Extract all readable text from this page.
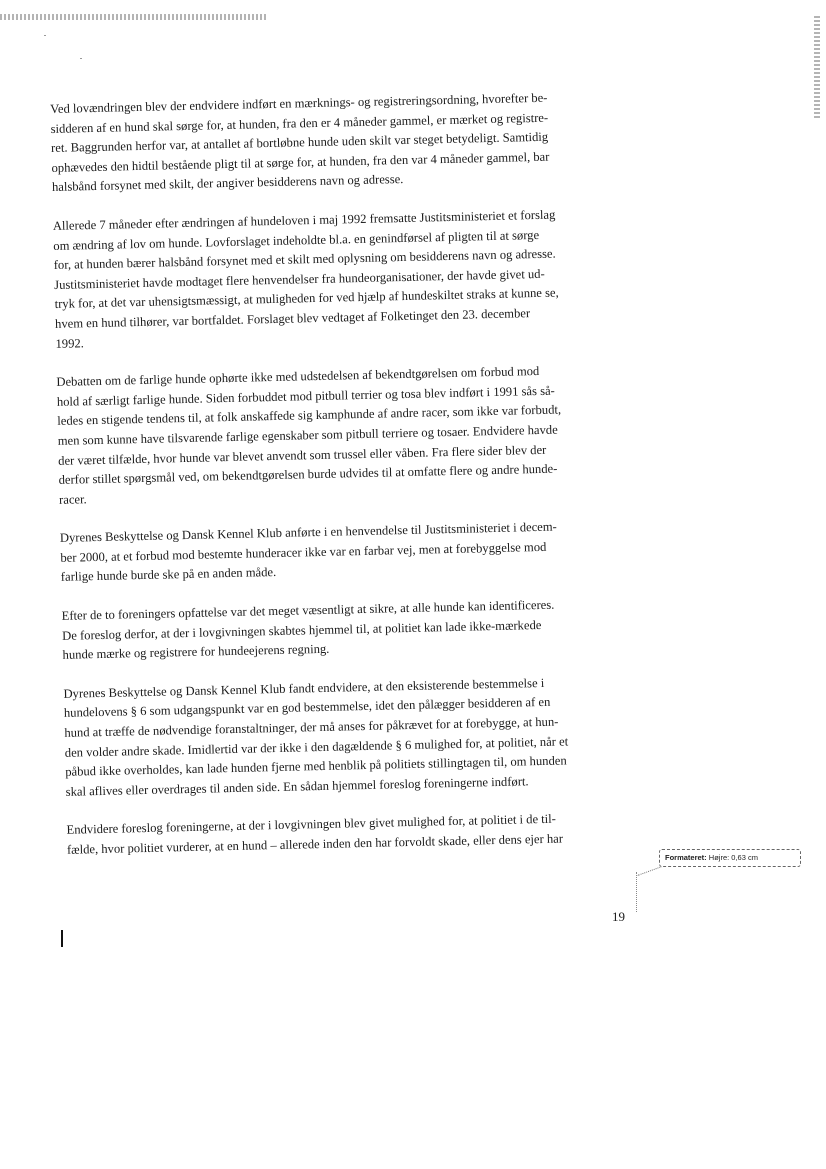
Ved lovændringen blev der endvidere indført en mærknings- og registreringsordning, hvorefter be-
sidderen af en hund skal sørge for, at hunden, fra den er 4 måneder gammel, er mærket og registre-
ret. Baggrunden herfor var, at antallet af bortløbne hunde uden skilt var steget betydeligt. Samtidig
ophævedes den hidtil bestående pligt til at sørge for, at hunden, fra den var 4 måneder gammel, bar
halsbånd forsynet med skilt, der angiver besidderens navn og adresse.

Allerede 7 måneder efter ændringen af hundeloven i maj 1992 fremsatte Justitsministeriet et forslag
om ændring af lov om hunde. Lovforslaget indeholdte bl.a. en genindførsel af pligten til at sørge
for, at hunden bærer halsbånd forsynet med et skilt med oplysning om besidderens navn og adresse.
Justitsministeriet havde modtaget flere henvendelser fra hundeorganisationer, der havde givet ud-
tryk for, at det var uhensigtsmæssigt, at muligheden for ved hjælp af hundeskiltet straks at kunne se,
hvem en hund tilhører, var bortfaldet. Forslaget blev vedtaget af Folketinget den 23. december
1992.

Debatten om de farlige hunde ophørte ikke med udstedelsen af bekendtgørelsen om forbud mod
hold af særligt farlige hunde. Siden forbuddet mod pitbull terrier og tosa blev indført i 1991 sås så-
ledes en stigende tendens til, at folk anskaffede sig kamphunde af andre racer, som ikke var forbudt,
men som kunne have tilsvarende farlige egenskaber som pitbull terriere og tosaer. Endvidere havde
der været tilfælde, hvor hunde var blevet anvendt som trussel eller våben. Fra flere sider blev der
derfor stillet spørgsmål ved, om bekendtgørelsen burde udvides til at omfatte flere og andre hunde-
racer.

Dyrenes Beskyttelse og Dansk Kennel Klub anførte i en henvendelse til Justitsministeriet i decem-
ber 2000, at et forbud mod bestemte hunderacer ikke var en farbar vej, men at forebyggelse mod
farlige hunde burde ske på en anden måde.

Efter de to foreningers opfattelse var det meget væsentligt at sikre, at alle hunde kan identificeres.
De foreslog derfor, at der i lovgivningen skabtes hjemmel til, at politiet kan lade ikke-mærkede
hunde mærke og registrere for hundeejerens regning.

Dyrenes Beskyttelse og Dansk Kennel Klub fandt endvidere, at den eksisterende bestemmelse i
hundelovens § 6 som udgangspunkt var en god bestemmelse, idet den pålægger besidderen af en
hund at træffe de nødvendige foranstaltninger, der må anses for påkrævet for at forebygge, at hun-
den volder andre skade. Imidlertid var der ikke i den dagældende § 6 mulighed for, at politiet, når et
påbud ikke overholdes, kan lade hunden fjerne med henblik på politiets stillingtagen til, om hunden
skal aflives eller overdrages til anden side. En sådan hjemmel foreslog foreningerne indført.

Endvidere foreslog foreningerne, at der i lovgivningen blev givet mulighed for, at politiet i de til-
fælde, hvor politiet vurderer, at en hund – allerede inden den har forvoldt skade, eller dens ejer har

Formateret: Højre: 0,63 cm
19
